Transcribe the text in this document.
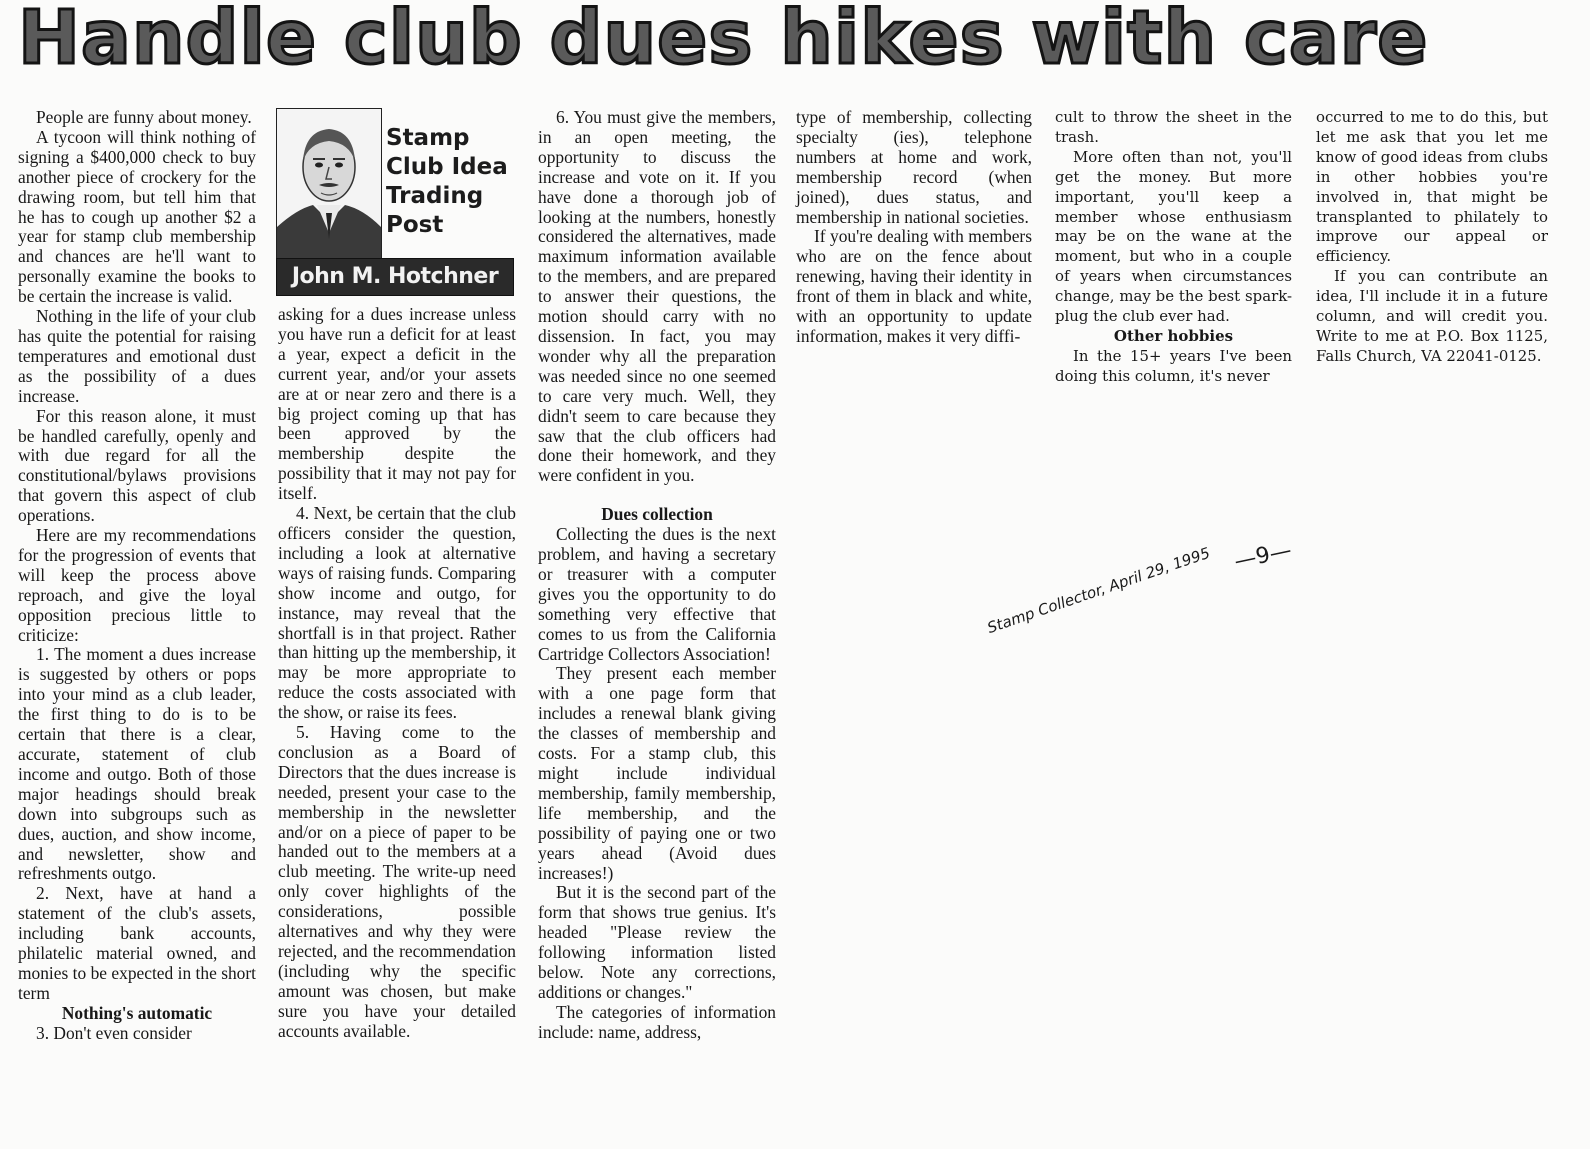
Handle club dues hikes with care

People are funny about money.

A tycoon will think nothing of signing a $400,000 check to buy another piece of crockery for the drawing room, but tell him that he has to cough up another $2 a year for stamp club membership and chances are he'll want to personally examine the books to be certain the increase is valid.

Nothing in the life of your club has quite the potential for raising temperatures and emotional dust as the possibility of a dues increase.

For this reason alone, it must be handled carefully, openly and with due regard for all the constitutional/bylaws provisions that govern this aspect of club operations.

Here are my recommendations for the progression of events that will keep the process above reproach, and give the loyal opposition precious little to criticize:

1. The moment a dues increase is suggested by others or pops into your mind as a club leader, the first thing to do is to be certain that there is a clear, accurate, statement of club income and outgo. Both of those major headings should break down into subgroups such as dues, auction, and show income, and newsletter, show and refreshments outgo.

2. Next, have at hand a statement of the club's assets, including bank accounts, philatelic material owned, and monies to be expected in the short term

Nothing's automatic

3. Don't even consider

Stamp
Club Idea
Trading
Post
John M. Hotchner

asking for a dues increase unless you have run a deficit for at least a year, expect a deficit in the current year, and/or your assets are at or near zero and there is a big project coming up that has been approved by the membership despite the possibility that it may not pay for itself.

4. Next, be certain that the club officers consider the question, including a look at alternative ways of raising funds. Comparing show income and outgo, for instance, may reveal that the shortfall is in that project. Rather than hitting up the membership, it may be more appropriate to reduce the costs associated with the show, or raise its fees.

5. Having come to the conclusion as a Board of Directors that the dues increase is needed, present your case to the membership in the newsletter and/or on a piece of paper to be handed out to the members at a club meeting. The write-up need only cover highlights of the considerations, possible alternatives and why they were rejected, and the recommendation (including why the specific amount was chosen, but make sure you have your detailed accounts available.

6. You must give the members, in an open meeting, the opportunity to discuss the increase and vote on it. If you have done a thorough job of looking at the numbers, honestly considered the alternatives, made maximum information available to the members, and are prepared to answer their questions, the motion should carry with no dissension. In fact, you may wonder why all the preparation was needed since no one seemed to care very much. Well, they didn't seem to care because they saw that the club officers had done their homework, and they were confident in you.

Dues collection

Collecting the dues is the next problem, and having a secretary or treasurer with a computer gives you the opportunity to do something very effective that comes to us from the California Cartridge Collectors Association!

They present each member with a one page form that includes a renewal blank giving the classes of membership and costs. For a stamp club, this might include individual membership, family membership, life membership, and the possibility of paying one or two years ahead (Avoid dues increases!)

But it is the second part of the form that shows true genius. It's headed "Please review the following information listed below. Note any corrections, additions or changes."

The categories of information include: name, address,

type of membership, collecting specialty (ies), telephone numbers at home and work, membership record (when joined), dues status, and membership in national societies.

If you're dealing with members who are on the fence about renewing, having their identity in front of them in black and white, with an opportunity to update information, makes it very diffi-

cult to throw the sheet in the trash.

More often than not, you'll get the money. But more important, you'll keep a member whose enthusiasm may be on the wane at the moment, but who in a couple of years when circumstances change, may be the best spark-plug the club ever had.

Other hobbies

In the 15+ years I've been doing this column, it's never

occurred to me to do this, but let me ask that you let me know of good ideas from clubs in other hobbies you're involved in, that might be transplanted to philately to improve our appeal or efficiency.

If you can contribute an idea, I'll include it in a future column, and will credit you. Write to me at P.O. Box 1125, Falls Church, VA 22041-0125.

Stamp Collector, April 29, 1995 —9—
